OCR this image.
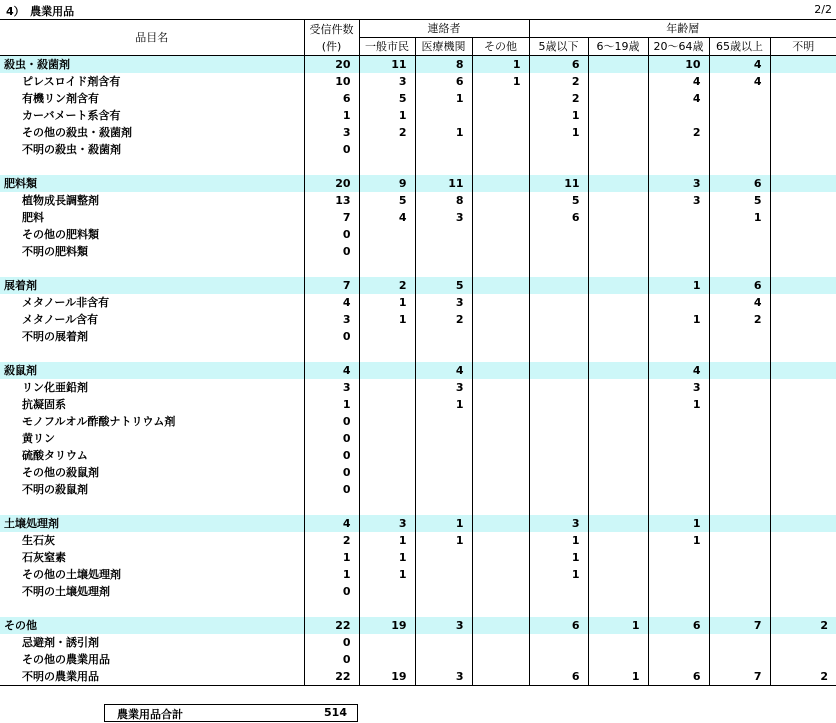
4）　農業用品	2/2
品目名	受信件数
(件)	連絡者			年齢層				
		一般市民	医療機関	その他	5歳以下	6～19歳	20～64歳	65歳以上	不明
殺虫・殺菌剤	20	11	8	1	6		10	4	
ピレスロイド剤含有	10	3	6	1	2		4	4	
有機リン剤含有	6	5	1		2		4		
カーバメート系含有	1	1			1				
その他の殺虫・殺菌剤	3	2	1		1		2		
不明の殺虫・殺菌剤	0								

肥料類	20	9	11		11		3	6	
植物成長調整剤	13	5	8		5		3	5	
肥料	7	4	3		6			1	
その他の肥料類	0								
不明の肥料類	0								

展着剤	7	2	5				1	6	
メタノール非含有	4	1	3					4	
メタノール含有	3	1	2				1	2	
不明の展着剤	0								

殺鼠剤	4		4				4		
リン化亜鉛剤	3		3				3		
抗凝固系	1		1				1		
モノフルオル酢酸ナトリウム剤	0								
黄リン	0								
硫酸タリウム	0								
その他の殺鼠剤	0								
不明の殺鼠剤	0								

土壌処理剤	4	3	1		3		1		
生石灰	2	1	1		1		1		
石灰窒素	1	1			1				
その他の土壌処理剤	1	1			1				
不明の土壌処理剤	0								

その他	22	19	3		6	1	6	7	2
忌避剤・誘引剤	0								
その他の農業用品	0								
不明の農業用品	22	19	3		6	1	6	7	2
農業用品合計	514
